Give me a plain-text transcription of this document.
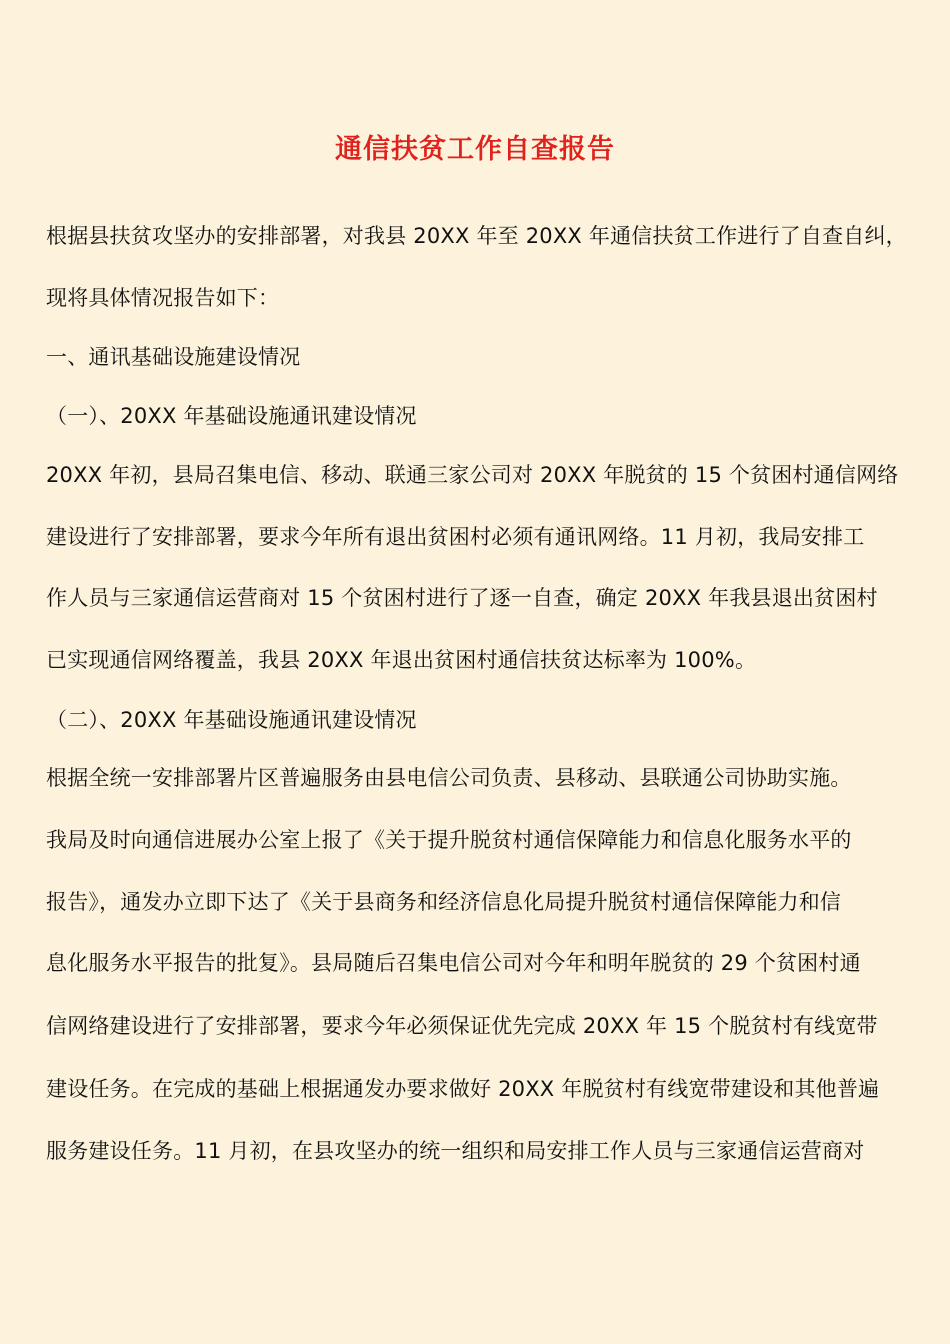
通信扶贫工作自查报告
根据县扶贫攻坚办的安排部署，对我县 20XX 年至 20XX 年通信扶贫工作进行了自查自纠，
现将具体情况报告如下：
一、通讯基础设施建设情况
（一）、20XX 年基础设施通讯建设情况
20XX 年初，县局召集电信、移动、联通三家公司对 20XX 年脱贫的 15 个贫困村通信网络
建设进行了安排部署，要求今年所有退出贫困村必须有通讯网络。11 月初，我局安排工
作人员与三家通信运营商对 15 个贫困村进行了逐一自查，确定 20XX 年我县退出贫困村
已实现通信网络覆盖，我县 20XX 年退出贫困村通信扶贫达标率为 100%。
（二）、20XX 年基础设施通讯建设情况
根据全统一安排部署片区普遍服务由县电信公司负责、县移动、县联通公司协助实施。
我局及时向通信进展办公室上报了《关于提升脱贫村通信保障能力和信息化服务水平的
报告》，通发办立即下达了《关于县商务和经济信息化局提升脱贫村通信保障能力和信
息化服务水平报告的批复》。县局随后召集电信公司对今年和明年脱贫的 29 个贫困村通
信网络建设进行了安排部署，要求今年必须保证优先完成 20XX 年 15 个脱贫村有线宽带
建设任务。在完成的基础上根据通发办要求做好 20XX 年脱贫村有线宽带建设和其他普遍
服务建设任务。11 月初，在县攻坚办的统一组织和局安排工作人员与三家通信运营商对
